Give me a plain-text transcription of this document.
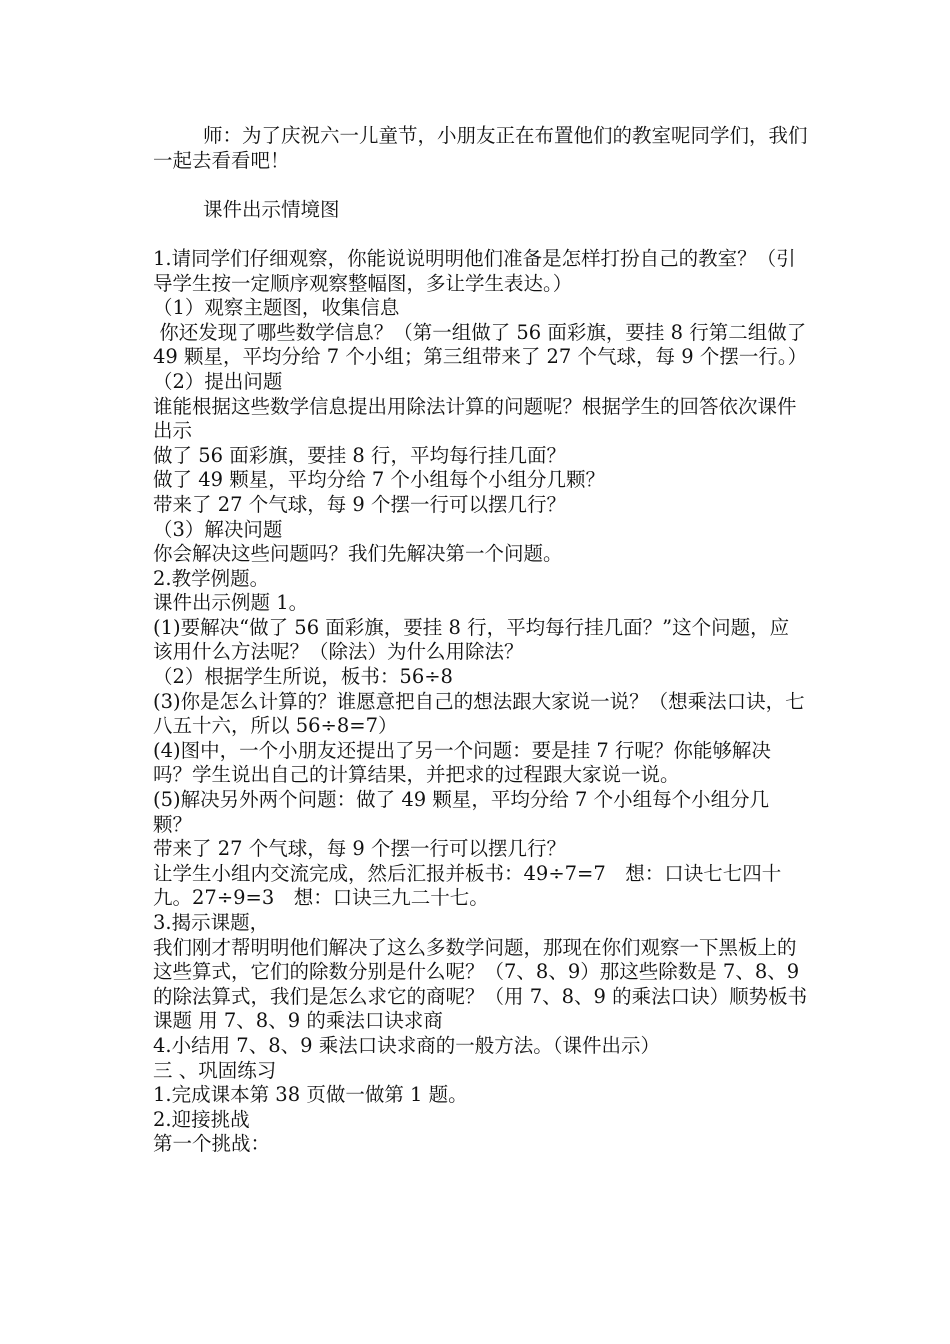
师：为了庆祝六一儿童节，小朋友正在布置他们的教室呢同学们，我们一起去看看吧！

课件出示情境图

1.请同学们仔细观察，你能说说明明他们准备是怎样打扮自己的教室？（引导学生按一定顺序观察整幅图，多让学生表达。）

（1）观察主题图，收集信息

你还发现了哪些数学信息？（第一组做了 56 面彩旗，要挂 8 行第二组做了 49 颗星，平均分给 7 个小组；第三组带来了 27 个气球，每 9 个摆一行。）

（2）提出问题

谁能根据这些数学信息提出用除法计算的问题呢？根据学生的回答依次课件出示

做了 56 面彩旗，要挂 8 行，平均每行挂几面？

做了 49 颗星，平均分给 7 个小组每个小组分几颗？

带来了 27 个气球，每 9 个摆一行可以摆几行？

（3）解决问题

你会解决这些问题吗？我们先解决第一个问题。

2.教学例题。

课件出示例题 1。

(1)要解决“做了 56 面彩旗，要挂 8 行，平均每行挂几面？”这个问题，应该用什么方法呢？（除法）为什么用除法？

（2）根据学生所说，板书：56÷8

(3)你是怎么计算的？谁愿意把自己的想法跟大家说一说？（想乘法口诀，七八五十六，所以 56÷8=7）

(4)图中，一个小朋友还提出了另一个问题：要是挂 7 行呢？你能够解决吗？学生说出自己的计算结果，并把求的过程跟大家说一说。

(5)解决另外两个问题：做了 49 颗星，平均分给 7 个小组每个小组分几颗？

带来了 27 个气球，每 9 个摆一行可以摆几行？

让学生小组内交流完成，然后汇报并板书：49÷7=7　想：口诀七七四十九。27÷9=3　想：口诀三九二十七。

3.揭示课题，

我们刚才帮明明他们解决了这么多数学问题，那现在你们观察一下黑板上的这些算式，它们的除数分别是什么呢？（7、8、9）那这些除数是 7、8、9 的除法算式，我们是怎么求它的商呢？（用 7、8、9 的乘法口诀）顺势板书课题 用 7、8、9 的乘法口诀求商

4.小结用 7、8、9 乘法口诀求商的一般方法。（课件出示）

三 、巩固练习

1.完成课本第 38 页做一做第 1 题。

2.迎接挑战

第一个挑战：
